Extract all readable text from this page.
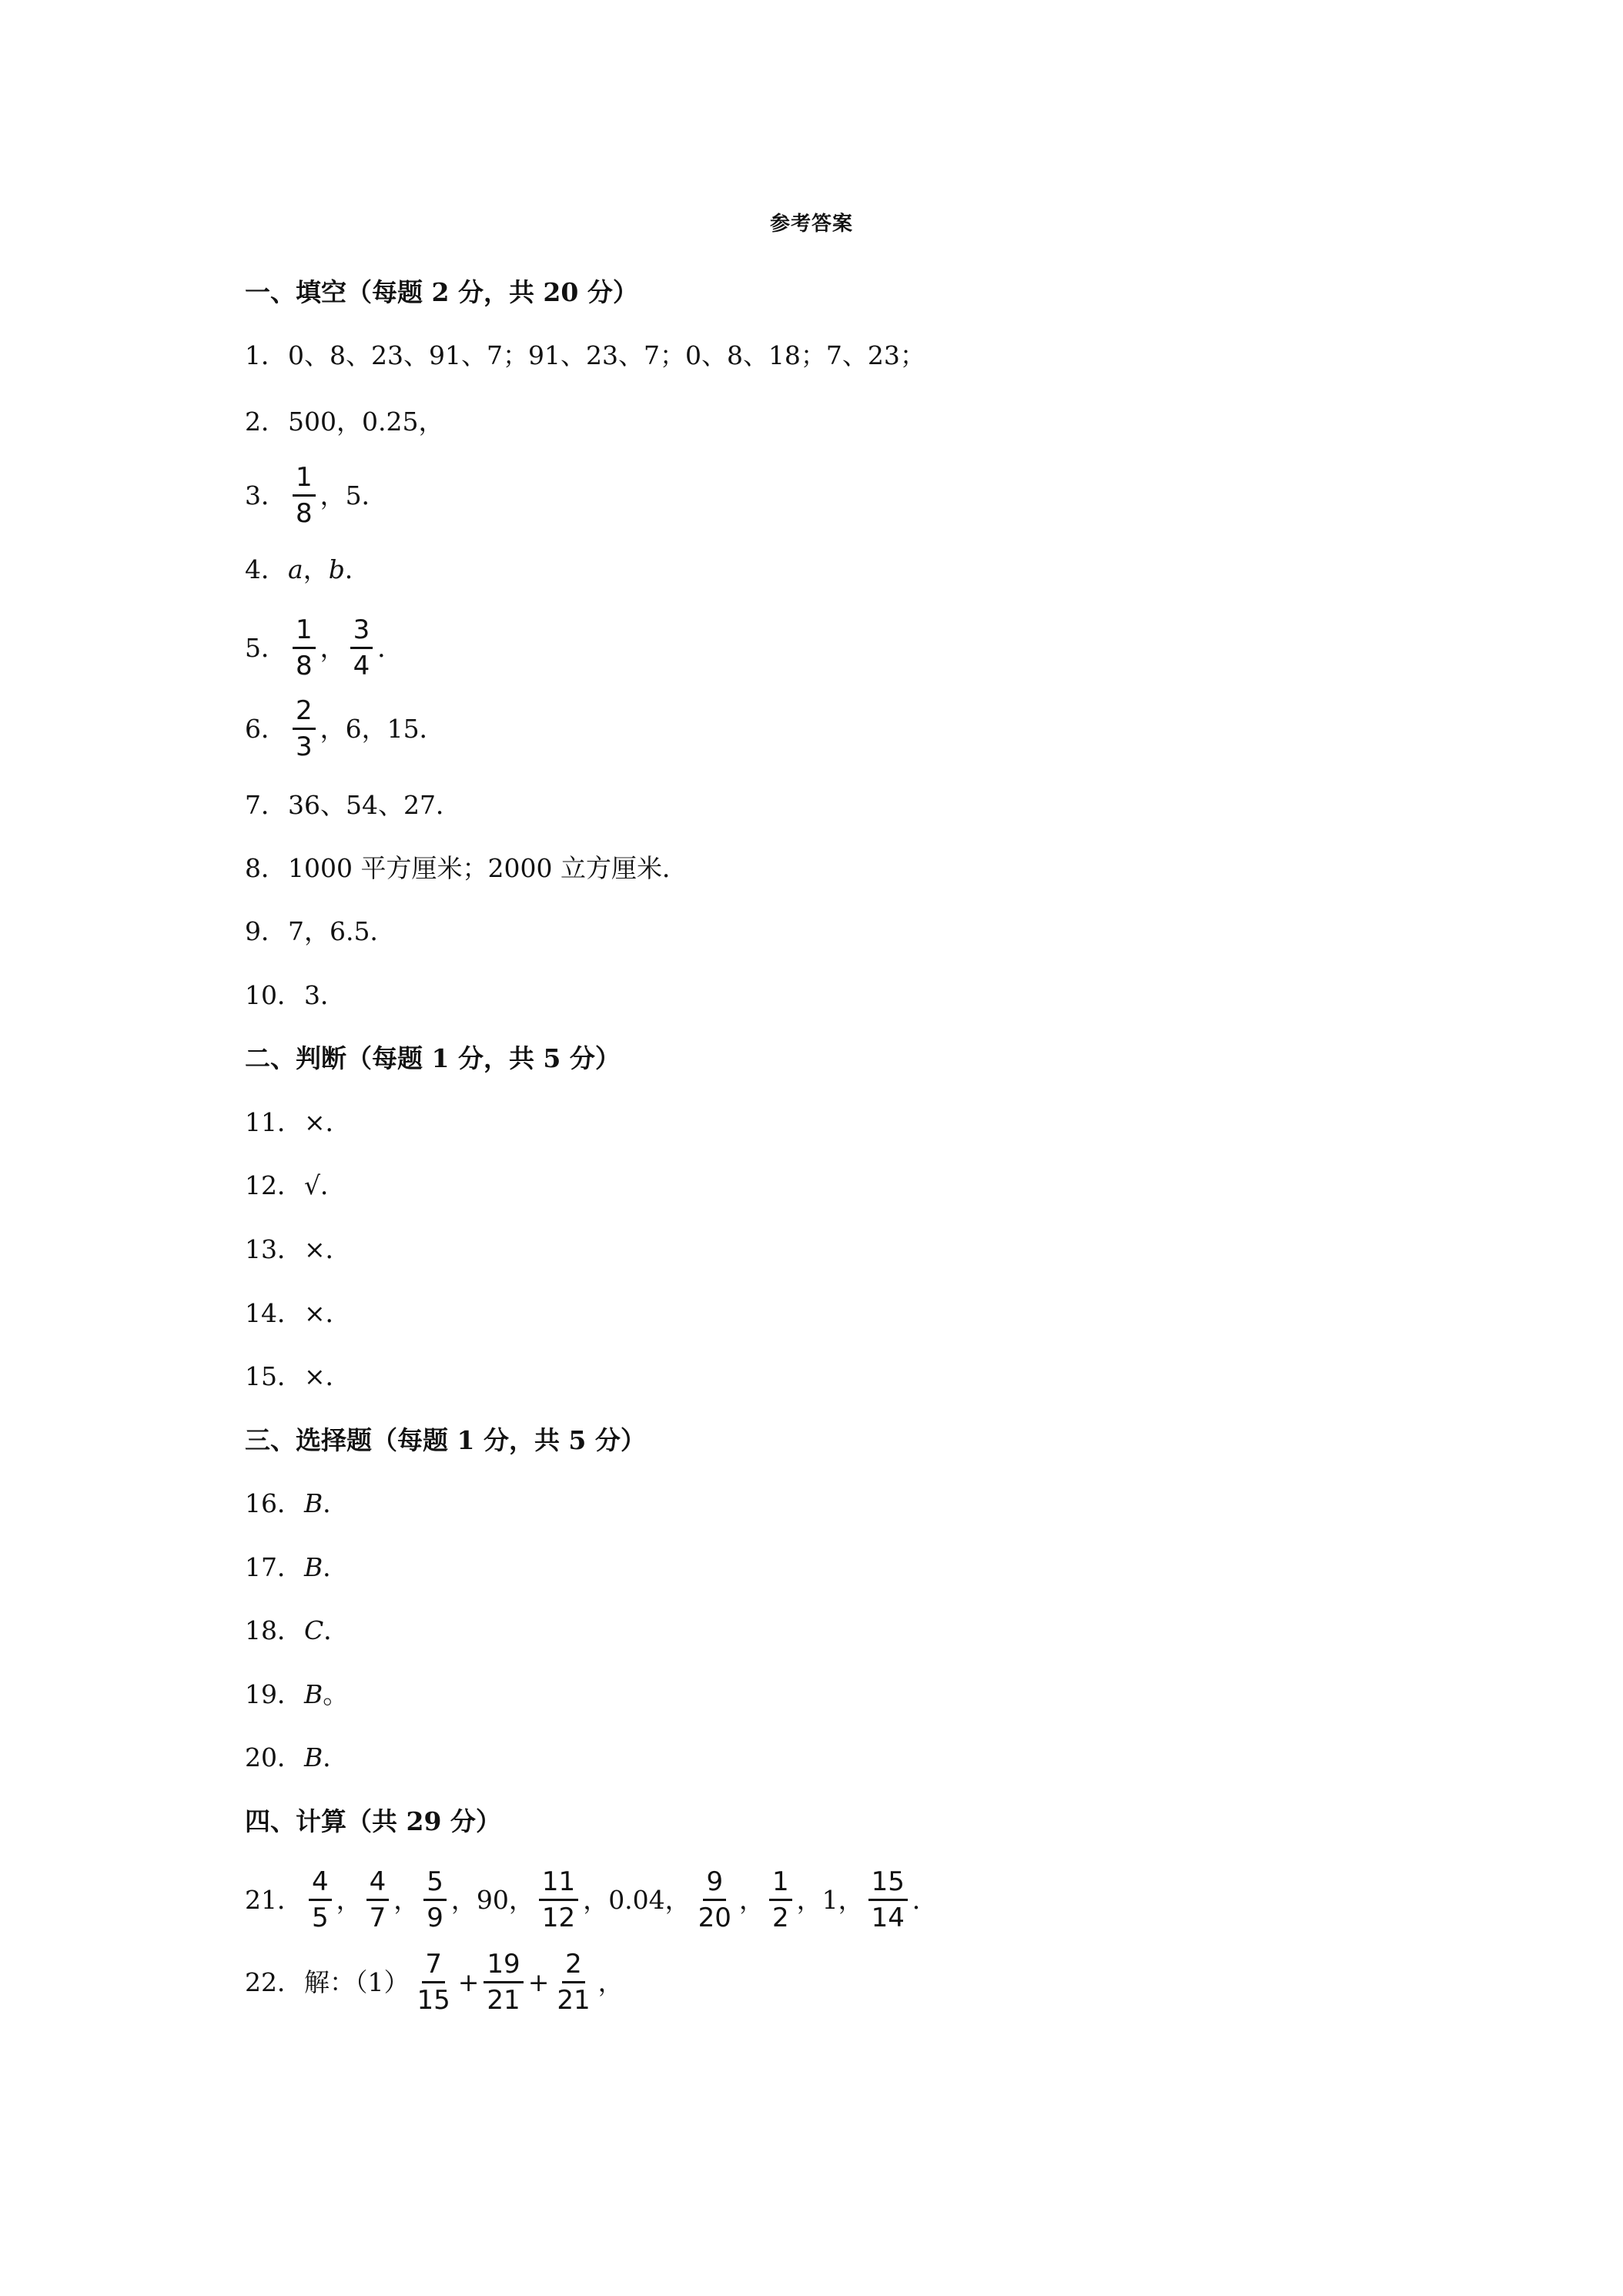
参考答案
一、填空（每题 2 分，共 20 分）
1． 0、8、23、91、7；91、23、7；0、8、18；7、23；
2． 500，0.25，
3． $\frac{1}{8}$ ，5．
4． a ， b ．
5． $\frac{1}{8}$ ， $\frac{3}{4}$ ．
6． $\frac{2}{3}$ ，6，15．
7． 36、54、27．
8． 1000 平方厘米；2000 立方厘米．
9． 7，6.5．
10． 3．
二、判断（每题 1 分，共 5 分）
11． ×．
12． √．
13． ×．
14． ×．
15． ×．
三、选择题（每题 1 分，共 5 分）
16． B ．
17． B ．
18． C ．
19． B 。
20． B ．
四、计算（共 29 分）
21． $\frac{4}{5}$ ， $\frac{4}{7}$ ， $\frac{5}{9}$ ，90， $\frac{11}{12}$ ，0.04， $\frac{9}{20}$ ， $\frac{1}{2}$ ，1， $\frac{15}{14}$ ．
22． 解：$(1) \frac{7}{15} + \frac{19}{21} + \frac{2}{21}$ ，
